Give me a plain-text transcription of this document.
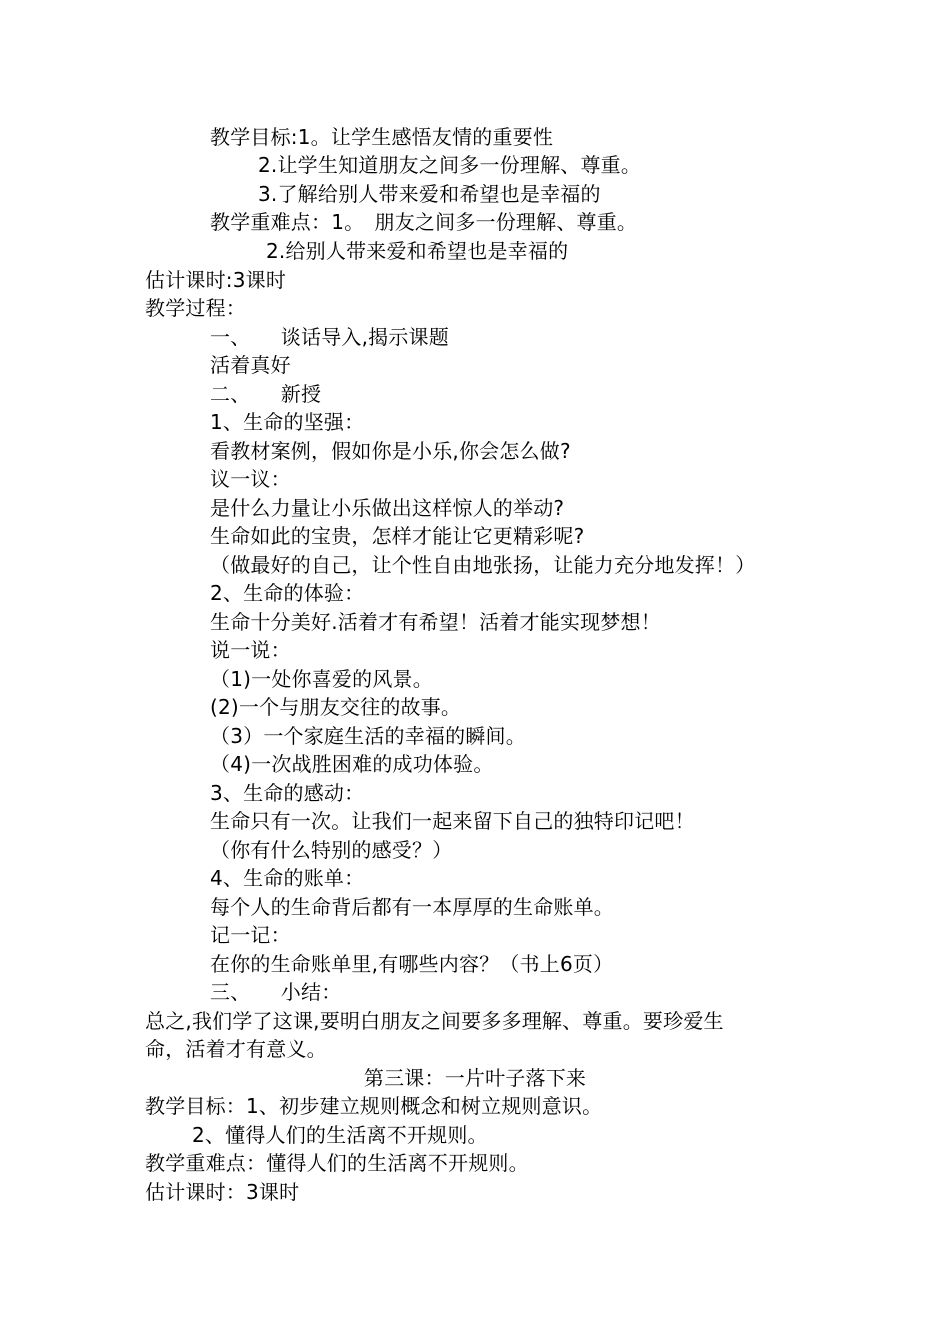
教学目标:1。让学生感悟友情的重要性

2.让学生知道朋友之间多一份理解、尊重。

3.了解给别人带来爱和希望也是幸福的

教学重难点：1。　朋友之间多一份理解、尊重。

2.给别人带来爱和希望也是幸福的

估计课时:3课时

教学过程：

一、　　谈话导入,揭示课题

活着真好

二、　　新授

1、生命的坚强：

看教材案例，假如你是小乐,你会怎么做?

议一议：

是什么力量让小乐做出这样惊人的举动?

生命如此的宝贵，怎样才能让它更精彩呢?

（做最好的自己，让个性自由地张扬，让能力充分地发挥！）

2、生命的体验：

生命十分美好.活着才有希望！活着才能实现梦想！

说一说：

（1)一处你喜爱的风景。

(2)一个与朋友交往的故事。

（3）一个家庭生活的幸福的瞬间。

（4)一次战胜困难的成功体验。

3、生命的感动：

生命只有一次。让我们一起来留下自己的独特印记吧！

（你有什么特别的感受？）

4、生命的账单：

每个人的生命背后都有一本厚厚的生命账单。

记一记：

在你的生命账单里,有哪些内容？（书上6页）

三、　　小结：

总之,我们学了这课,要明白朋友之间要多多理解、尊重。要珍爱生

命，活着才有意义。

第三课：一片叶子落下来

教学目标：1、初步建立规则概念和树立规则意识。

2、懂得人们的生活离不开规则。

教学重难点：懂得人们的生活离不开规则。

估计课时：3课时
